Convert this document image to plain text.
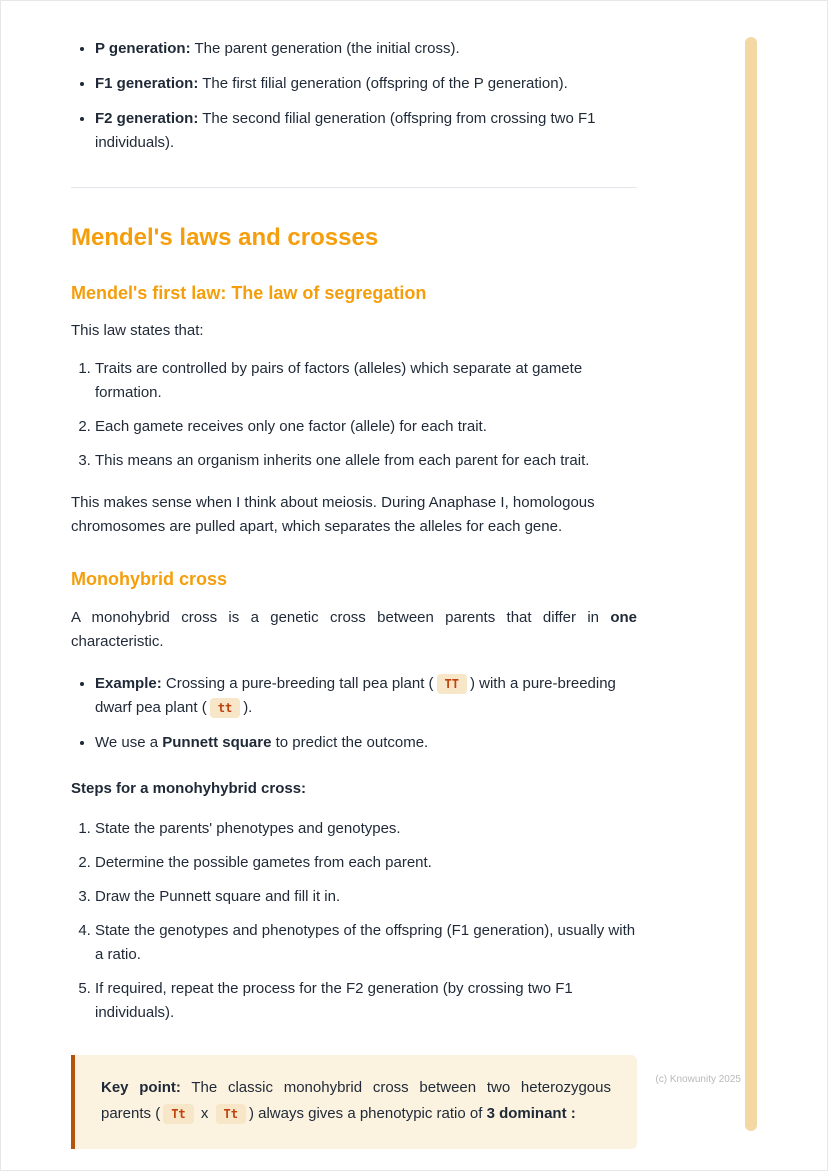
• P generation: The parent generation (the initial cross).
• F1 generation: The first filial generation (offspring of the P generation).
• F2 generation: The second filial generation (offspring from crossing two F1 individuals).
Mendel's laws and crosses
Mendel's first law: The law of segregation

This law states that:

1. Traits are controlled by pairs of factors (alleles) which separate at gamete formation.
2. Each gamete receives only one factor (allele) for each trait.
3. This means an organism inherits one allele from each parent for each trait.

This makes sense when I think about meiosis. During Anaphase I, homologous chromosomes are pulled apart, which separates the alleles for each gene.

Monohybrid cross

A monohybrid cross is a genetic cross between parents that differ in one characteristic.

• Example: Crossing a pure-breeding tall pea plant ( TT ) with a pure-breeding dwarf pea plant ( tt ).
• We use a Punnett square to predict the outcome.

Steps for a monohyhybrid cross:

1. State the parents' phenotypes and genotypes.
2. Determine the possible gametes from each parent.
3. Draw the Punnett square and fill it in.
4. State the genotypes and phenotypes of the offspring (F1 generation), usually with a ratio.
5. If required, repeat the process for the F2 generation (by crossing two F1 individuals).

Key point: The classic monohybrid cross between two heterozygous parents ( Tt x Tt ) always gives a phenotypic ratio of 3 dominant :

(c) Knowunity 2025
